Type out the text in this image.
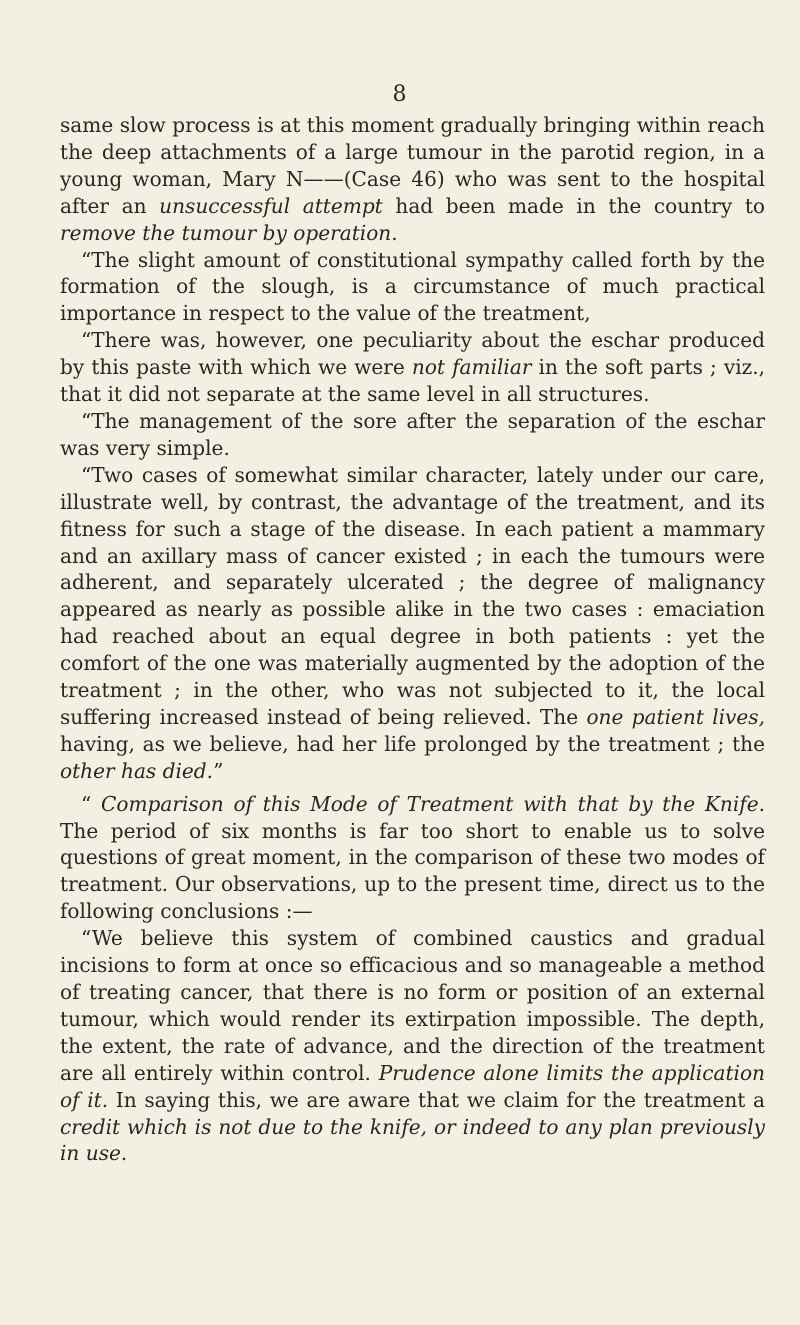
8

same slow process is at this moment gradually bringing within reach the deep attachments of a large tumour in the parotid region, in a young woman, Mary N——(Case 46) who was sent to the hospital after an unsuccessful attempt had been made in the country to remove the tumour by operation.

“The slight amount of constitutional sympathy called forth by the formation of the slough, is a circumstance of much practical importance in respect to the value of the treatment,

“There was, however, one peculiarity about the eschar produced by this paste with which we were not familiar in the soft parts ; viz., that it did not separate at the same level in all structures.

“The management of the sore after the separation of the eschar was very simple.

“Two cases of somewhat similar character, lately under our care, illustrate well, by contrast, the advantage of the treatment, and its fitness for such a stage of the disease. In each patient a mammary and an axillary mass of cancer existed ; in each the tumours were adherent, and separately ulcerated ; the degree of malignancy appeared as nearly as possible alike in the two cases : emaciation had reached about an equal degree in both patients : yet the comfort of the one was materially augmented by the adoption of the treatment ; in the other, who was not subjected to it, the local suffering increased instead of being relieved. The one patient lives, having, as we believe, had her life prolonged by the treatment ; the other has died.”

“ Comparison of this Mode of Treatment with that by the Knife. The period of six months is far too short to enable us to solve questions of great moment, in the comparison of these two modes of treatment. Our observations, up to the present time, direct us to the following conclusions :—

“We believe this system of combined caustics and gradual incisions to form at once so efficacious and so manageable a method of treating cancer, that there is no form or position of an external tumour, which would render its extirpation impossible. The depth, the extent, the rate of advance, and the direction of the treatment are all entirely within control. Prudence alone limits the application of it. In saying this, we are aware that we claim for the treatment a credit which is not due to the knife, or indeed to any plan previously in use.
